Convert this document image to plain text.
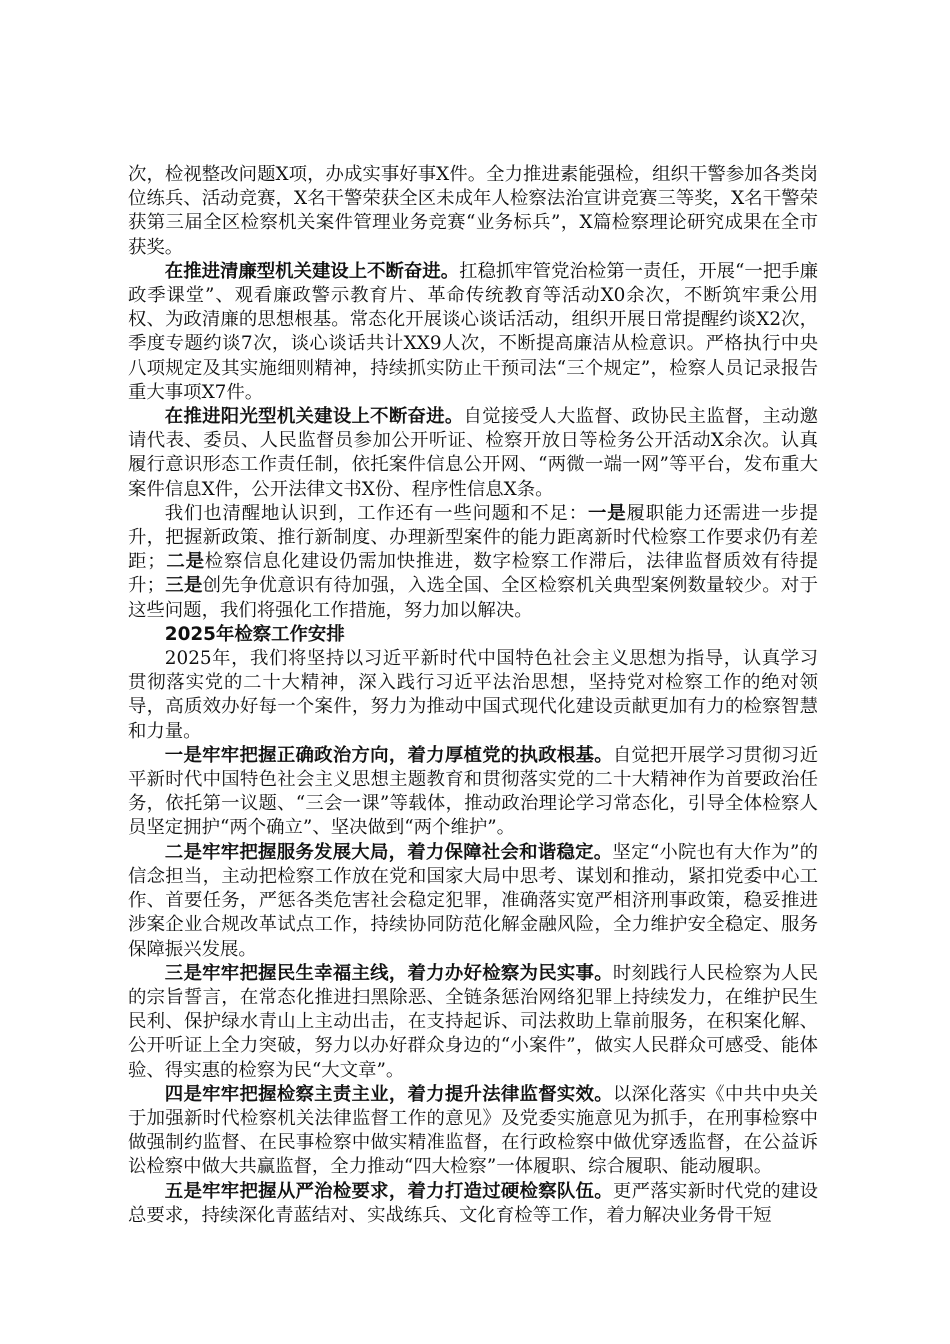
次，检视整改问题X项，办成实事好事X件。全力推进素能强检，组织干警参加各类岗位练兵、活动竞赛，X名干警荣获全区未成年人检察法治宣讲竞赛三等奖，X名干警荣获第三届全区检察机关案件管理业务竞赛“业务标兵”，X篇检察理论研究成果在全市获奖。

在推进清廉型机关建设上不断奋进。扛稳抓牢管党治检第一责任，开展“一把手廉政季课堂”、观看廉政警示教育片、革命传统教育等活动X0余次，不断筑牢秉公用权、为政清廉的思想根基。常态化开展谈心谈话活动，组织开展日常提醒约谈X2次，季度专题约谈7次，谈心谈话共计XX9人次，不断提高廉洁从检意识。严格执行中央八项规定及其实施细则精神，持续抓实防止干预司法“三个规定”，检察人员记录报告重大事项X7件。

在推进阳光型机关建设上不断奋进。自觉接受人大监督、政协民主监督，主动邀请代表、委员、人民监督员参加公开听证、检察开放日等检务公开活动X余次。认真履行意识形态工作责任制，依托案件信息公开网、“两微一端一网”等平台，发布重大案件信息X件，公开法律文书X份、程序性信息X条。

我们也清醒地认识到，工作还有一些问题和不足：一是履职能力还需进一步提升，把握新政策、推行新制度、办理新型案件的能力距离新时代检察工作要求仍有差距；二是检察信息化建设仍需加快推进，数字检察工作滞后，法律监督质效有待提升；三是创先争优意识有待加强，入选全国、全区检察机关典型案例数量较少。对于这些问题，我们将强化工作措施，努力加以解决。

2025年检察工作安排

2025年，我们将坚持以习近平新时代中国特色社会主义思想为指导，认真学习贯彻落实党的二十大精神，深入践行习近平法治思想，坚持党对检察工作的绝对领导，高质效办好每一个案件，努力为推动中国式现代化建设贡献更加有力的检察智慧和力量。

一是牢牢把握正确政治方向，着力厚植党的执政根基。自觉把开展学习贯彻习近平新时代中国特色社会主义思想主题教育和贯彻落实党的二十大精神作为首要政治任务，依托第一议题、“三会一课”等载体，推动政治理论学习常态化，引导全体检察人员坚定拥护“两个确立”、坚决做到“两个维护”。

二是牢牢把握服务发展大局，着力保障社会和谐稳定。坚定“小院也有大作为”的信念担当，主动把检察工作放在党和国家大局中思考、谋划和推动，紧扣党委中心工作、首要任务，严惩各类危害社会稳定犯罪，准确落实宽严相济刑事政策，稳妥推进涉案企业合规改革试点工作，持续协同防范化解金融风险，全力维护安全稳定、服务保障振兴发展。

三是牢牢把握民生幸福主线，着力办好检察为民实事。时刻践行人民检察为人民的宗旨誓言，在常态化推进扫黑除恶、全链条惩治网络犯罪上持续发力，在维护民生民利、保护绿水青山上主动出击，在支持起诉、司法救助上靠前服务，在积案化解、公开听证上全力突破，努力以办好群众身边的“小案件”，做实人民群众可感受、能体验、得实惠的检察为民“大文章”。

四是牢牢把握检察主责主业，着力提升法律监督实效。以深化落实《中共中央关于加强新时代检察机关法律监督工作的意见》及党委实施意见为抓手，在刑事检察中做强制约监督、在民事检察中做实精准监督，在行政检察中做优穿透监督，在公益诉讼检察中做大共赢监督，全力推动“四大检察”一体履职、综合履职、能动履职。

五是牢牢把握从严治检要求，着力打造过硬检察队伍。更严落实新时代党的建设总要求，持续深化青蓝结对、实战练兵、文化育检等工作，着力解决业务骨干短
